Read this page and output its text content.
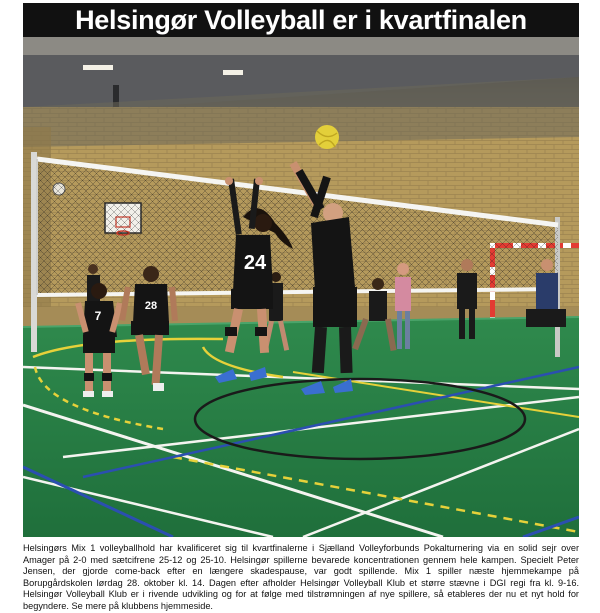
Helsingør Volleyball er i kvartfinalen
7
28
24
Helsingørs Mix 1 volleyballhold har kvalificeret sig til kvartfinalerne i Sjælland Volleyforbunds Pokalturnering via en solid sejr over Amager på 2-0 med sætcifrene 25-12 og 25-10. Helsingør spillerne bevarede koncentrationen gennem hele kampen. Specielt Peter Jensen, der gjorde come-back efter en længere skadespause, var godt spillende. Mix 1 spiller næste hjemmekampe på Borupgårdskolen lørdag 28. oktober kl. 14. Dagen efter afholder Helsingør Volleyball Klub et større stævne i DGI regi fra kl. 9-16. Helsingør Volleyball Klub er i rivende udvikling og for at følge med tilstrømningen af nye spillere, så etableres der nu et nyt hold for begyndere. Se mere på klubbens hjemmeside.
